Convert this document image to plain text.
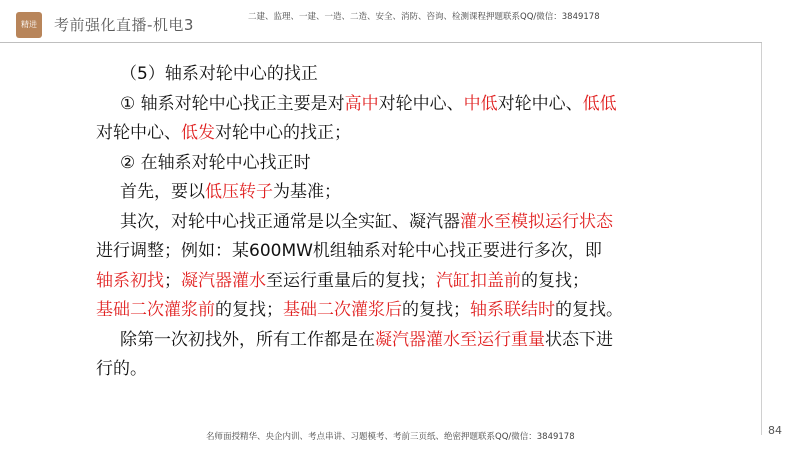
精进	考前强化直播-机电3	二建、监理、一建、一造、二造、安全、消防、咨询、检测课程押题联系QQ/微信：3849178
（5）轴系对轮中心的找正
① 轴系对轮中心找正主要是对高中对轮中心、中低对轮中心、低低
对轮中心、低发对轮中心的找正；
② 在轴系对轮中心找正时
首先，要以低压转子为基准；
其次，对轮中心找正通常是以全实缸、凝汽器灌水至模拟运行状态
进行调整；例如：某600MW机组轴系对轮中心找正要进行多次，即
轴系初找；凝汽器灌水至运行重量后的复找；汽缸扣盖前的复找；
基础二次灌浆前的复找；基础二次灌浆后的复找；轴系联结时的复找。
除第一次初找外，所有工作都是在凝汽器灌水至运行重量状态下进
行的。
84
名师面授精华、央企内训、考点串讲、习题模考、考前三页纸、绝密押题联系QQ/微信：3849178
